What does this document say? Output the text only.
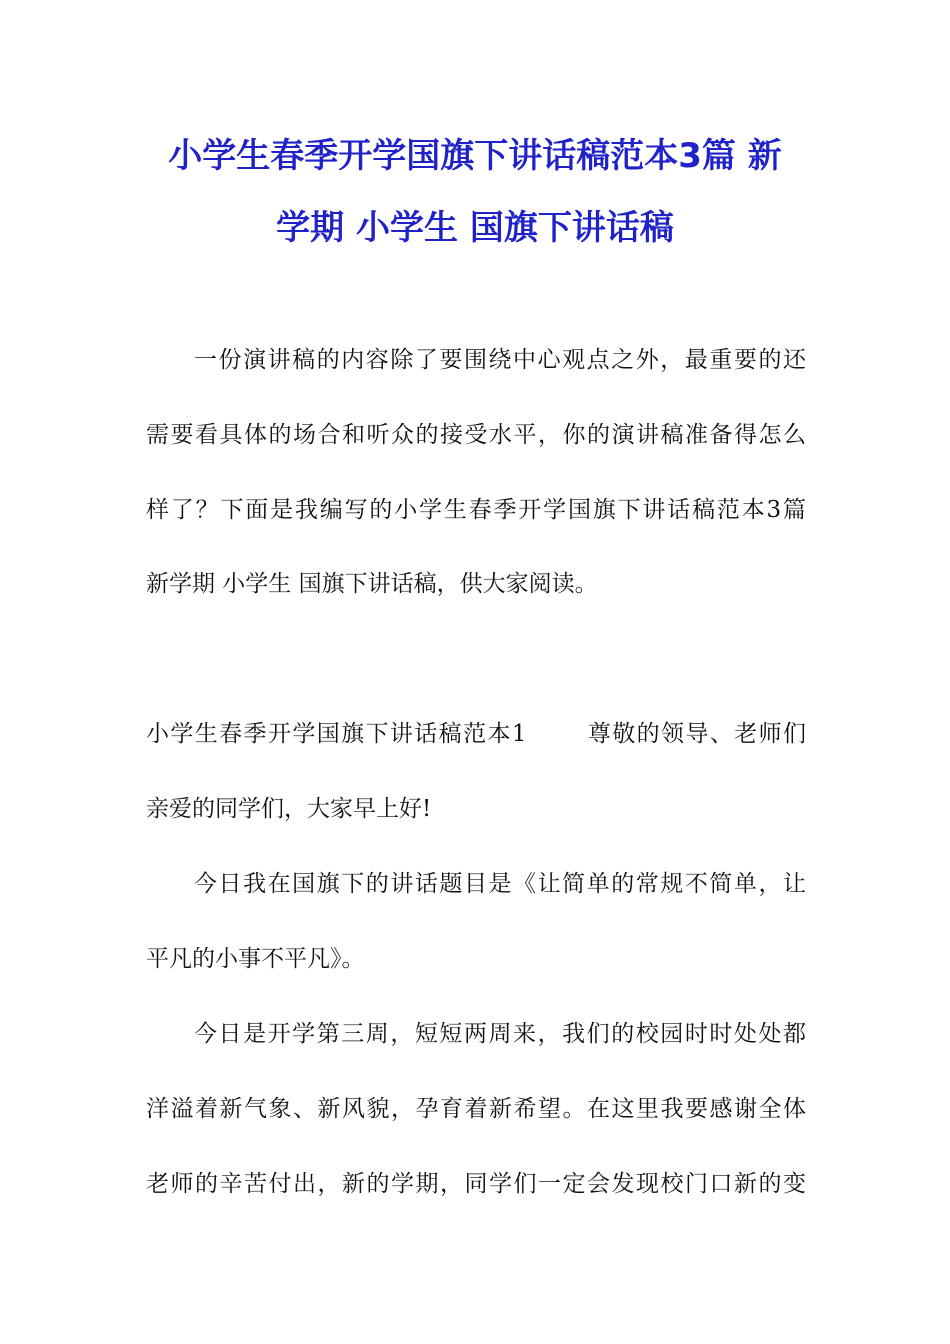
小学生春季开学国旗下讲话稿范本3篇 新
学期 小学生 国旗下讲话稿

一份演讲稿的内容除了要围绕中心观点之外，最重要的还

需要看具体的场合和听众的接受水平，你的演讲稿准备得怎么

样了？下面是我编写的小学生春季开学国旗下讲话稿范本3篇

新学期 小学生 国旗下讲话稿，供大家阅读。

小学生春季开学国旗下讲话稿范本1	尊敬的领导、老师们

亲爱的同学们，大家早上好!

今日我在国旗下的讲话题目是《让简单的常规不简单，让

平凡的小事不平凡》。

今日是开学第三周，短短两周来，我们的校园时时处处都

洋溢着新气象、新风貌，孕育着新希望。在这里我要感谢全体

老师的辛苦付出，新的学期，同学们一定会发现校门口新的变
